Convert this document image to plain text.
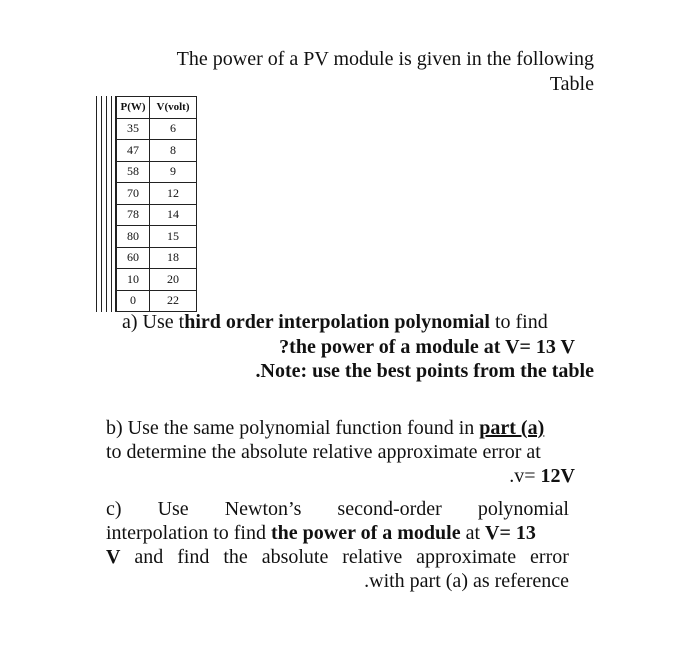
The power of a PV module is given in the following
Table
P(W)	V(volt)
35	6
47	8
58	9
70	12
78	14
80	15
60	18
10	20
0	22
a) Use third order interpolation polynomial to find
?the power of a module at V= 13 V
.Note: use the best points from the table
b) Use the same polynomial function found in part (a)
to determine the absolute relative approximate error at
.v= 12V
c) Use Newton’s second-order polynomial
interpolation to find the power of a module at V= 13
V and find the absolute relative approximate error
.with part (a) as reference
